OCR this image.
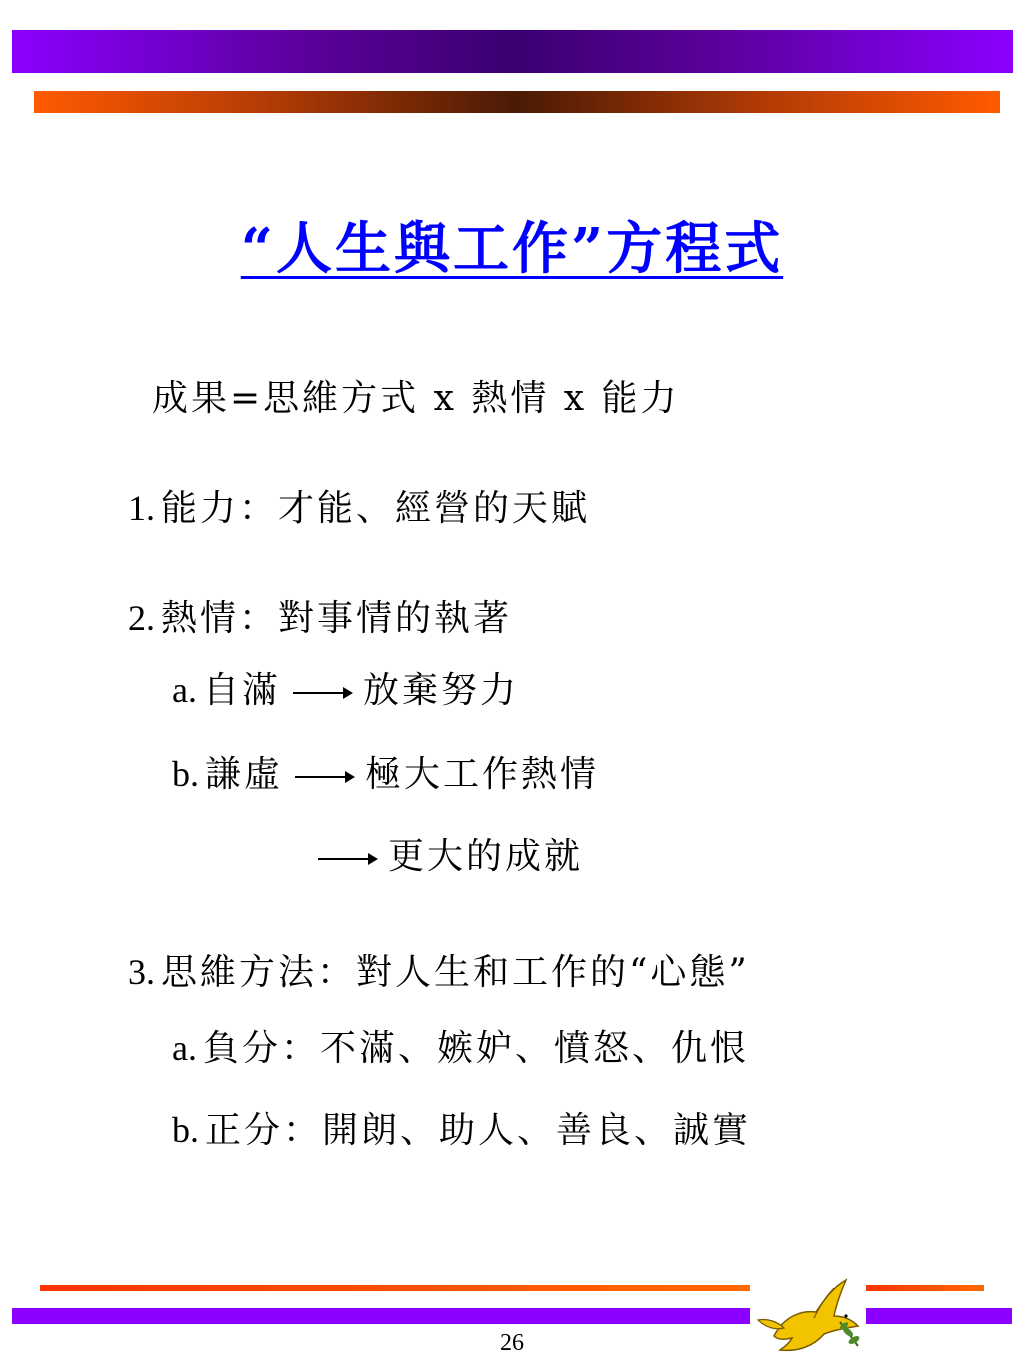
“人生與工作”方程式
成果=思維方式 x 熱情 x 能力
1. 能力：才能、經營的天賦
2. 熱情：對事情的執著
a. 自滿 放棄努力
b. 謙虛 極大工作熱情
更大的成就
3. 思維方法：對人生和工作的“心態”
a. 負分：不滿、嫉妒、憤怒、仇恨
b. 正分：開朗、助人、善良、誠實
26
